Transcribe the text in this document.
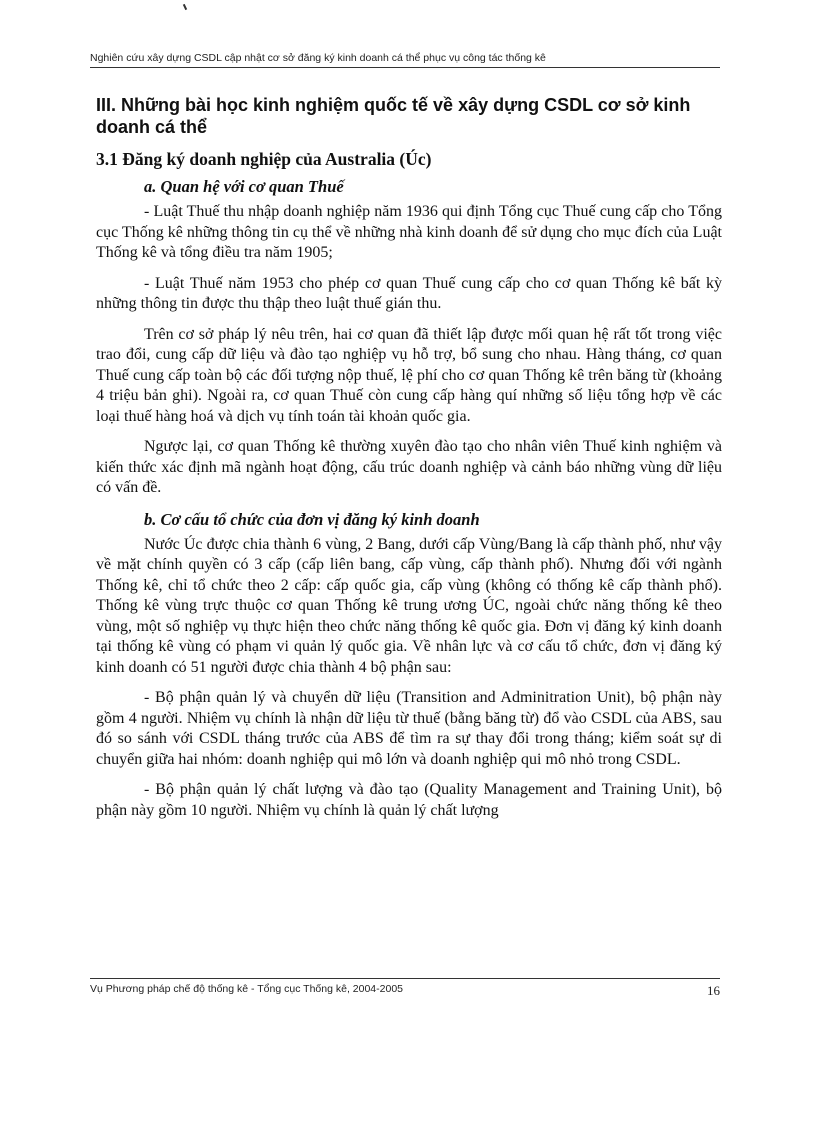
Nghiên cứu xây dựng CSDL cập nhật cơ sở đăng ký kinh doanh cá thể phục vụ công tác thống kê
III. Những bài học kinh nghiệm quốc tế về xây dựng CSDL cơ sở kinh doanh cá thể
3.1 Đăng ký doanh nghiệp của Australia (Úc)
a. Quan hệ với cơ quan Thuế

- Luật Thuế thu nhập doanh nghiệp năm 1936 qui định Tổng cục Thuế cung cấp cho Tổng cục Thống kê những thông tin cụ thể về những nhà kinh doanh để sử dụng cho mục đích của Luật Thống kê và tổng điều tra năm 1905;

- Luật Thuế năm 1953 cho phép cơ quan Thuế cung cấp cho cơ quan Thống kê bất kỳ những thông tin được thu thập theo luật thuế gián thu.

Trên cơ sở pháp lý nêu trên, hai cơ quan đã thiết lập được mối quan hệ rất tốt trong việc trao đổi, cung cấp dữ liệu và đào tạo nghiệp vụ hỗ trợ, bổ sung cho nhau. Hàng tháng, cơ quan Thuế cung cấp toàn bộ các đối tượng nộp thuế, lệ phí cho cơ quan Thống kê trên băng từ (khoảng 4 triệu bản ghi). Ngoài ra, cơ quan Thuế còn cung cấp hàng quí những số liệu tổng hợp về các loại thuế hàng hoá và dịch vụ tính toán tài khoản quốc gia.

Ngược lại, cơ quan Thống kê thường xuyên đào tạo cho nhân viên Thuế kinh nghiệm và kiến thức xác định mã ngành hoạt động, cấu trúc doanh nghiệp và cảnh báo những vùng dữ liệu có vấn đề.

b. Cơ cấu tổ chức của đơn vị đăng ký kinh doanh

Nước Úc được chia thành 6 vùng, 2 Bang, dưới cấp Vùng/Bang là cấp thành phố, như vậy về mặt chính quyền có 3 cấp (cấp liên bang, cấp vùng, cấp thành phố). Nhưng đối với ngành Thống kê, chỉ tổ chức theo 2 cấp: cấp quốc gia, cấp vùng (không có thống kê cấp thành phố). Thống kê vùng trực thuộc cơ quan Thống kê trung ương ÚC, ngoài chức năng thống kê theo vùng, một số nghiệp vụ thực hiện theo chức năng thống kê quốc gia. Đơn vị đăng ký kinh doanh tại thống kê vùng có phạm vi quản lý quốc gia. Về nhân lực và cơ cấu tổ chức, đơn vị đăng ký kinh doanh có 51 người được chia thành 4 bộ phận sau:

- Bộ phận quản lý và chuyển dữ liệu (Transition and Adminitration Unit), bộ phận này gồm 4 người. Nhiệm vụ chính là nhận dữ liệu từ thuế (bằng băng từ) đổ vào CSDL của ABS, sau đó so sánh với CSDL tháng trước của ABS để tìm ra sự thay đổi trong tháng; kiểm soát sự di chuyển giữa hai nhóm: doanh nghiệp qui mô lớn và doanh nghiệp qui mô nhỏ trong CSDL.

- Bộ phận quản lý chất lượng và đào tạo (Quality Management and Training Unit), bộ phận này gồm 10 người. Nhiệm vụ chính là quản lý chất lượng

Vụ Phương pháp chế độ thống kê - Tổng cục Thống kê, 2004-2005	16
